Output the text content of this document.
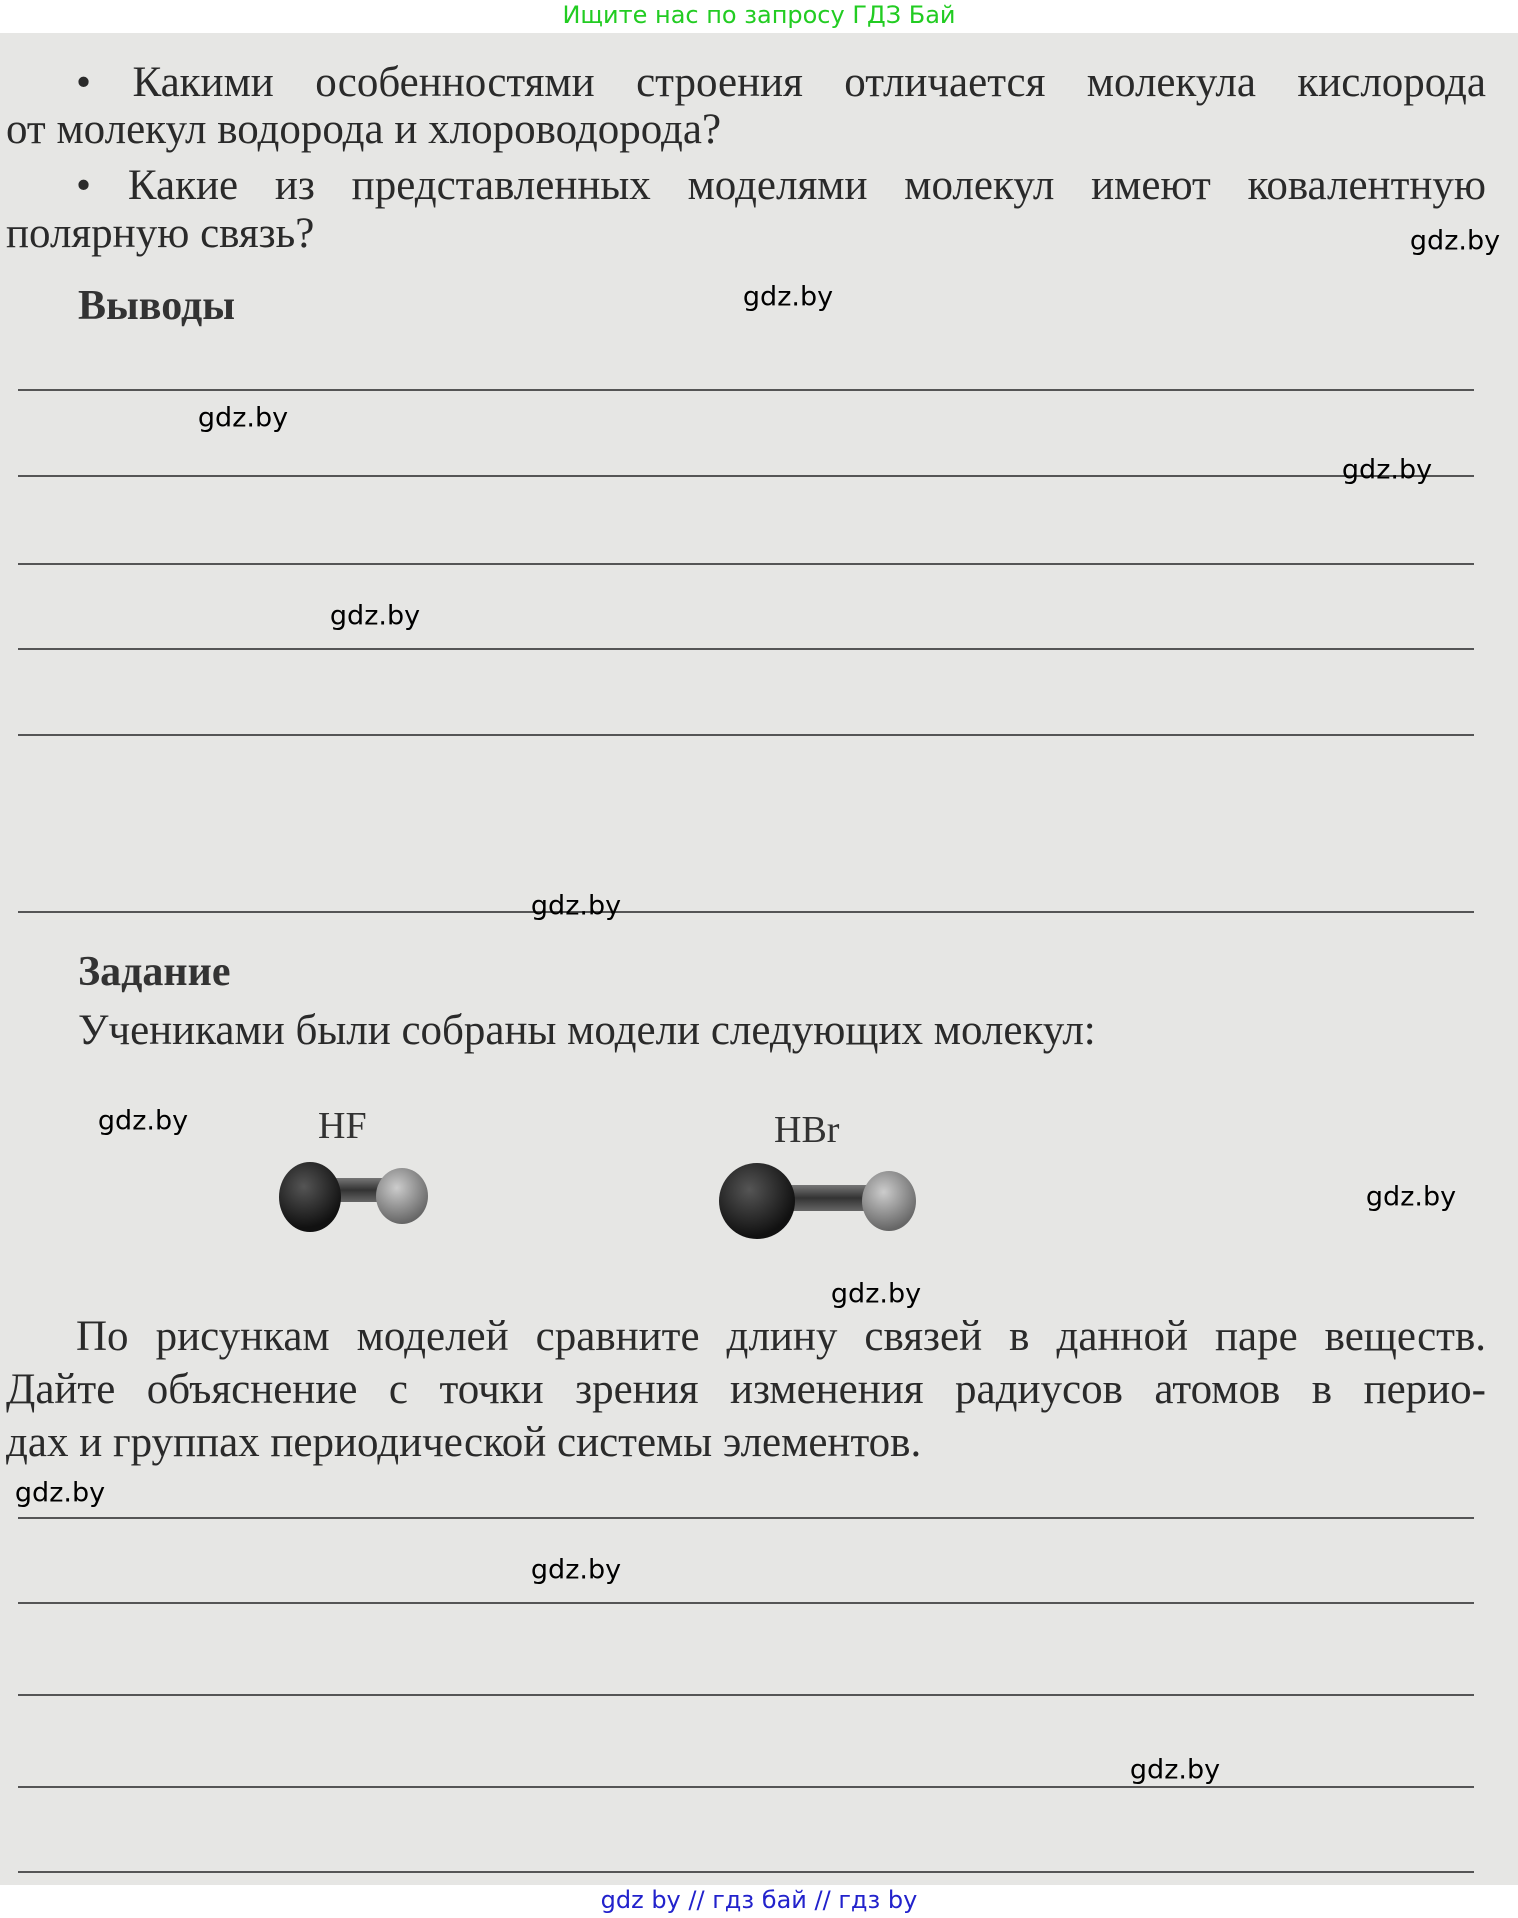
Ищите нас по запросу ГДЗ Бай
• Какими особенностями строения отличается молекула кислорода
от молекул водорода и хлороводорода?
• Какие из представленных моделями молекул имеют ковалентную
полярную связь?
Выводы
Задание
Учениками были собраны модели следующих молекул:
HF	HBr
По рисункам моделей сравните длину связей в данной паре веществ.
Дайте объяснение с точки зрения изменения радиусов атомов в перио-
дах и группах периодической системы элементов.
gdz.by
gdz.by
gdz.by
gdz.by
gdz.by
gdz.by
gdz.by
gdz.by
gdz.by
gdz.by
gdz.by
gdz.by
gdz by // гдз бай // гдз by
